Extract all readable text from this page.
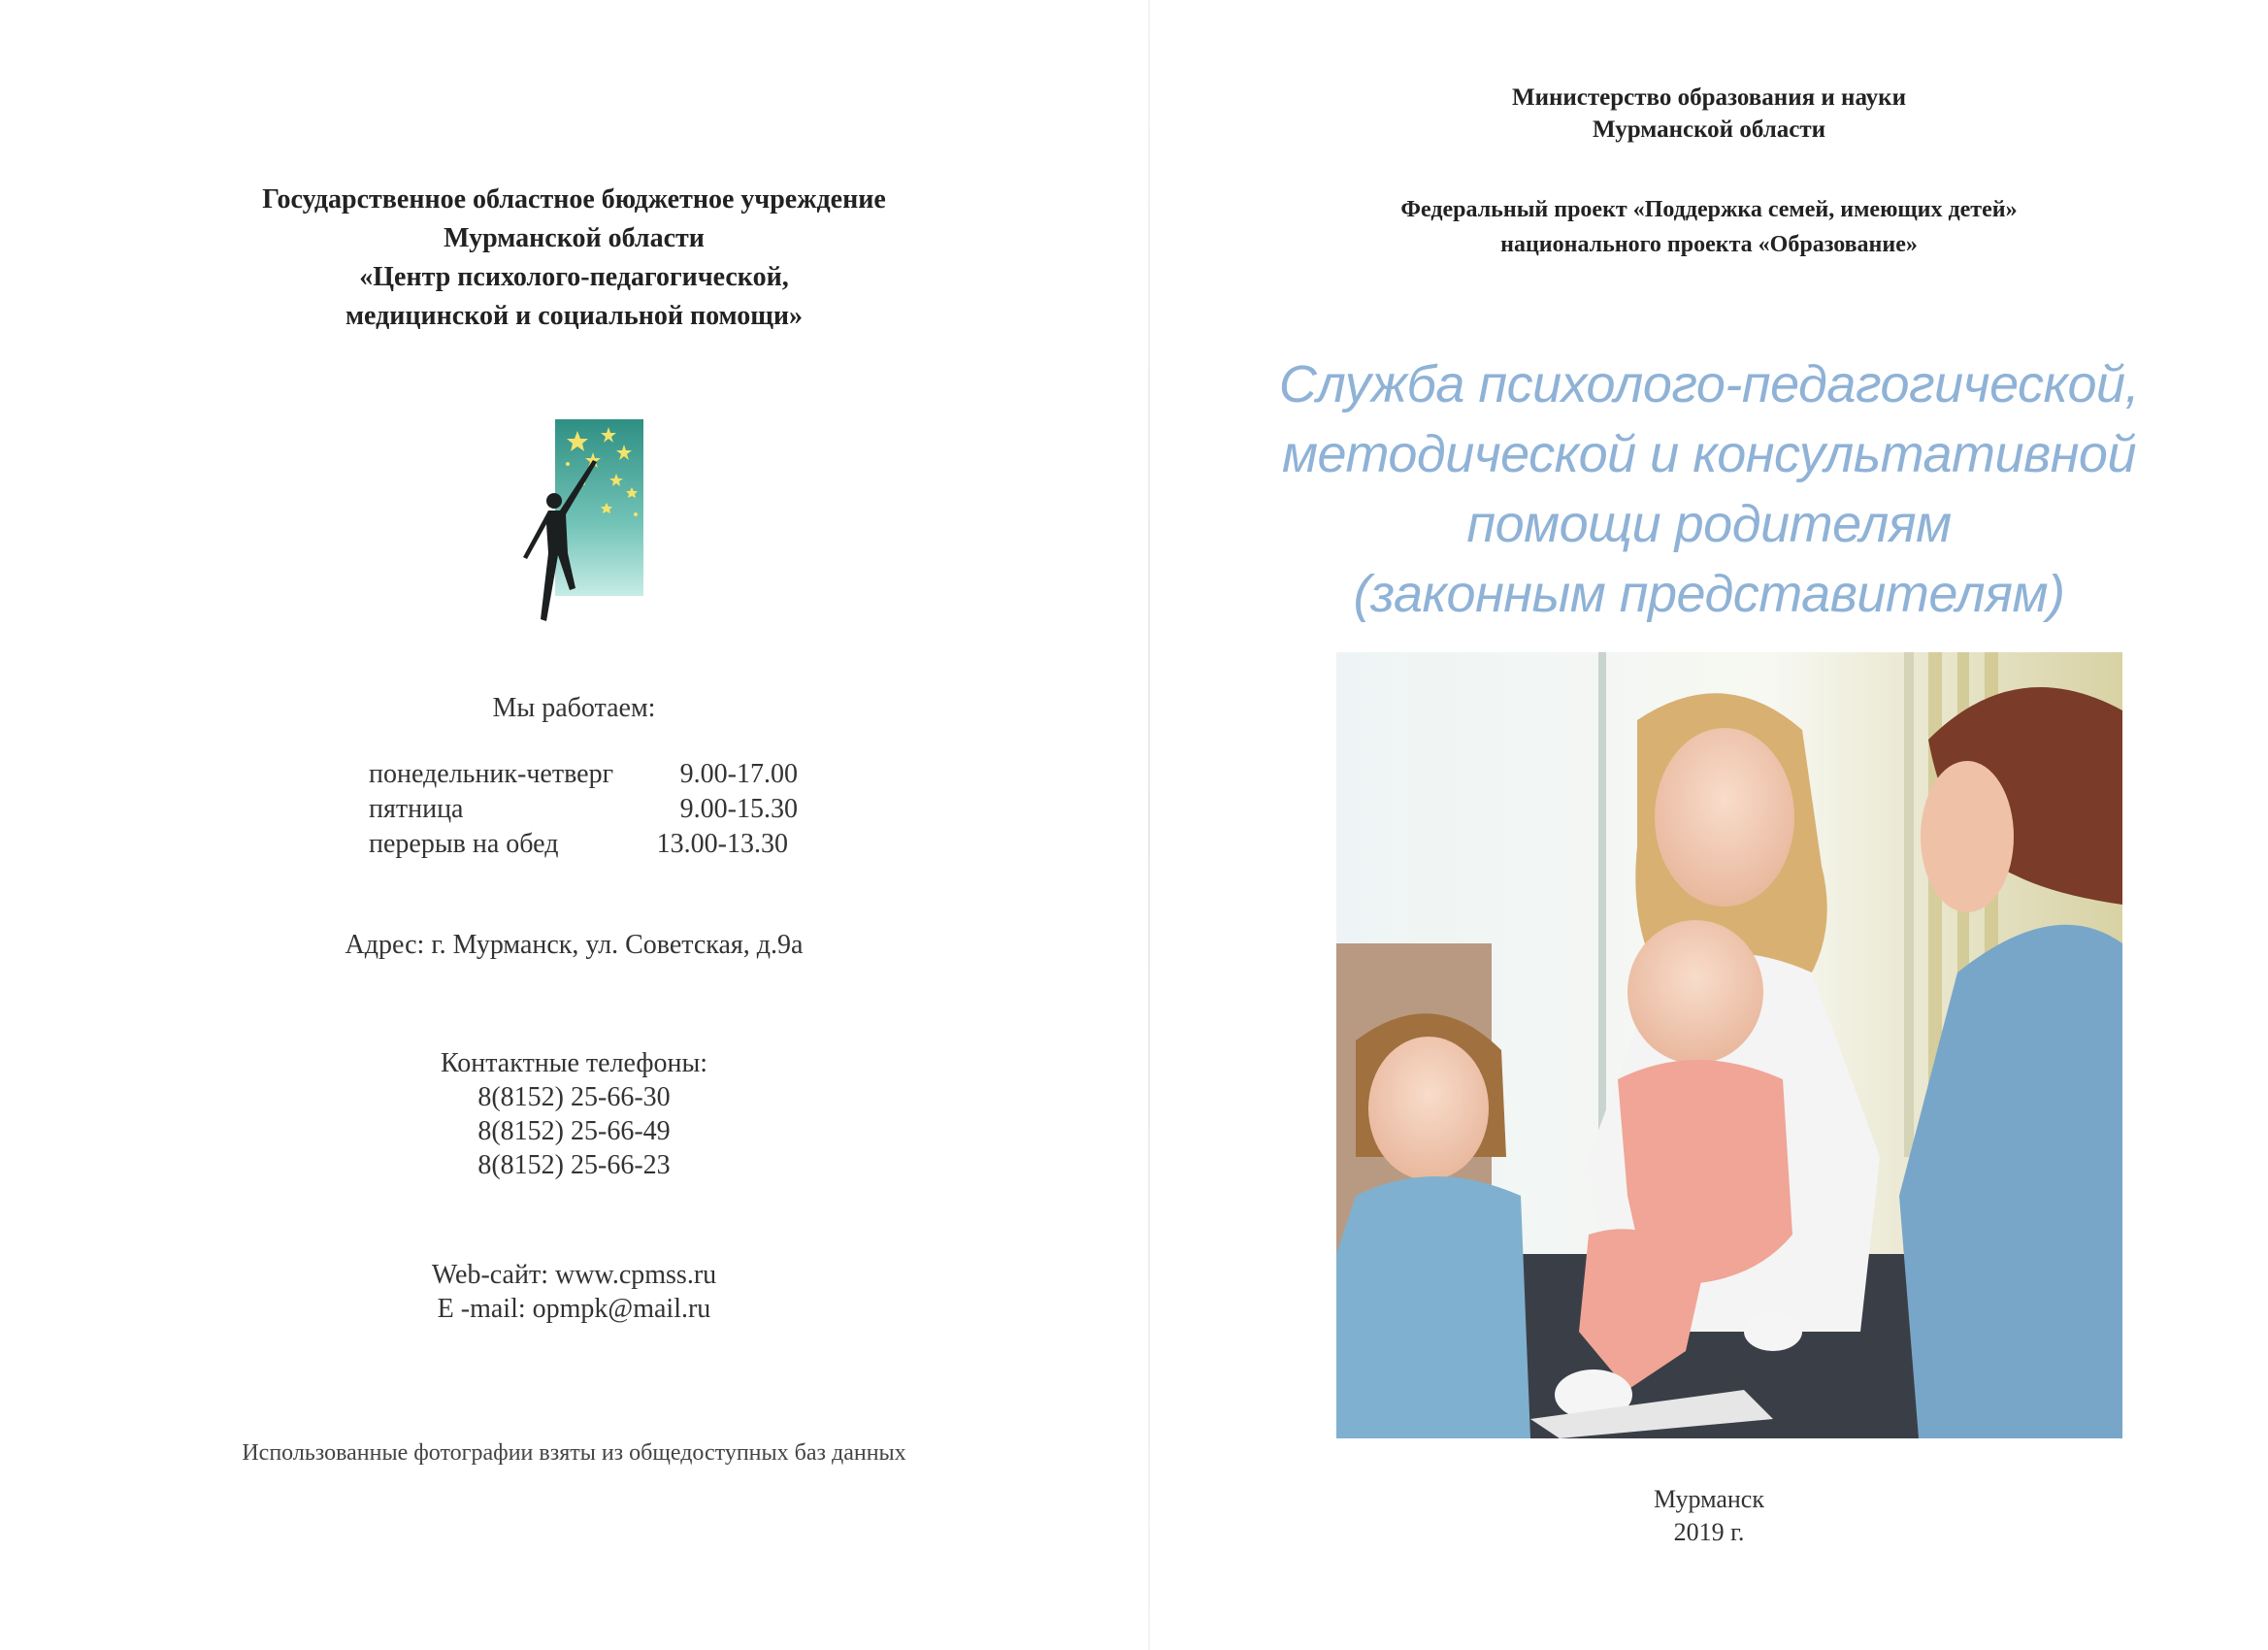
Государственное областное бюджетное учреждение
Мурманской области
«Центр психолого-педагогической,
медицинской и социальной помощи»
Мы работаем:
понедельник-четверг 9.00-17.00
пятница	9.00-15.30
перерыв на обед	13.00-13.30
Адрес: г. Мурманск, ул. Советская, д.9а
Контактные телефоны:
8(8152) 25-66-30
8(8152) 25-66-49
8(8152) 25-66-23
Web-сайт: www.cpmss.ru
E -mail: opmpk@mail.ru
Использованные фотографии взяты из общедоступных баз данных
Министерство образования и науки
Мурманской области
Федеральный проект «Поддержка семей, имеющих детей»
национального проекта «Образование»
Служба психолого-педагогической,
методической и консультативной
помощи родителям
(законным представителям)
Мурманск
2019 г.
